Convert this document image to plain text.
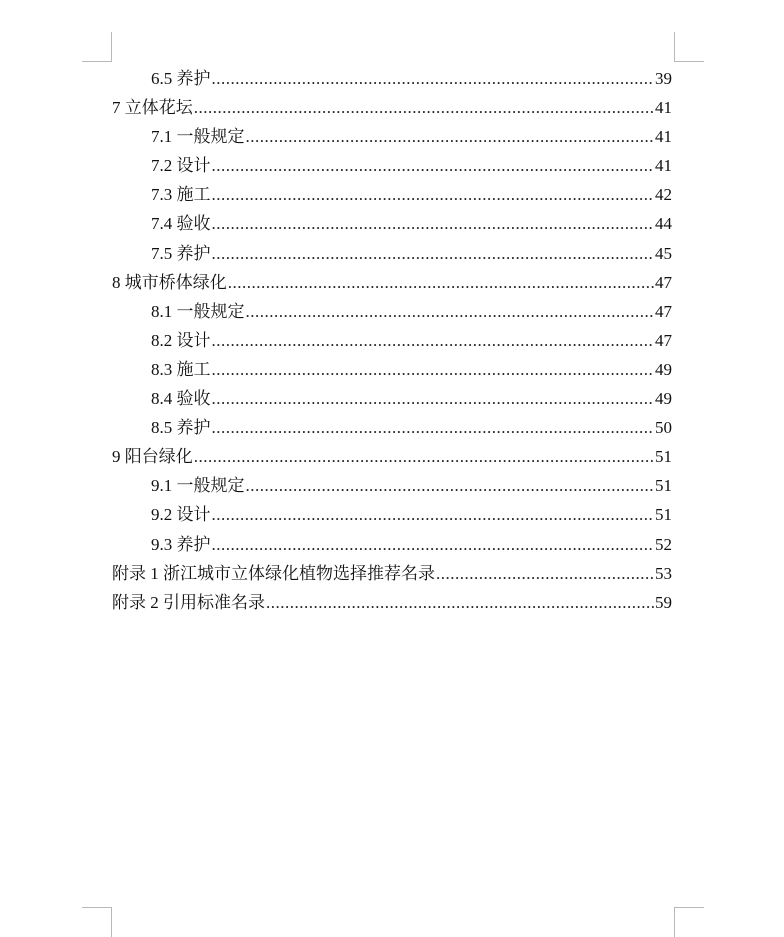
6.5 养护 .....	39
7 立体花坛 .....	41
7.1 一般规定 .....	41
7.2 设计 .....	41
7.3 施工 .....	42
7.4 验收 .....	44
7.5 养护 .....	45
8 城市桥体绿化 .....	47
8.1 一般规定 .....	47
8.2 设计 .....	47
8.3 施工 .....	49
8.4 验收 .....	49
8.5 养护 .....	50
9 阳台绿化 .....	51
9.1 一般规定 .....	51
9.2 设计 .....	51
9.3 养护 .....	52
附录 1 浙江城市立体绿化植物选择推荐名录 .....	53
附录 2 引用标准名录 .....	59
